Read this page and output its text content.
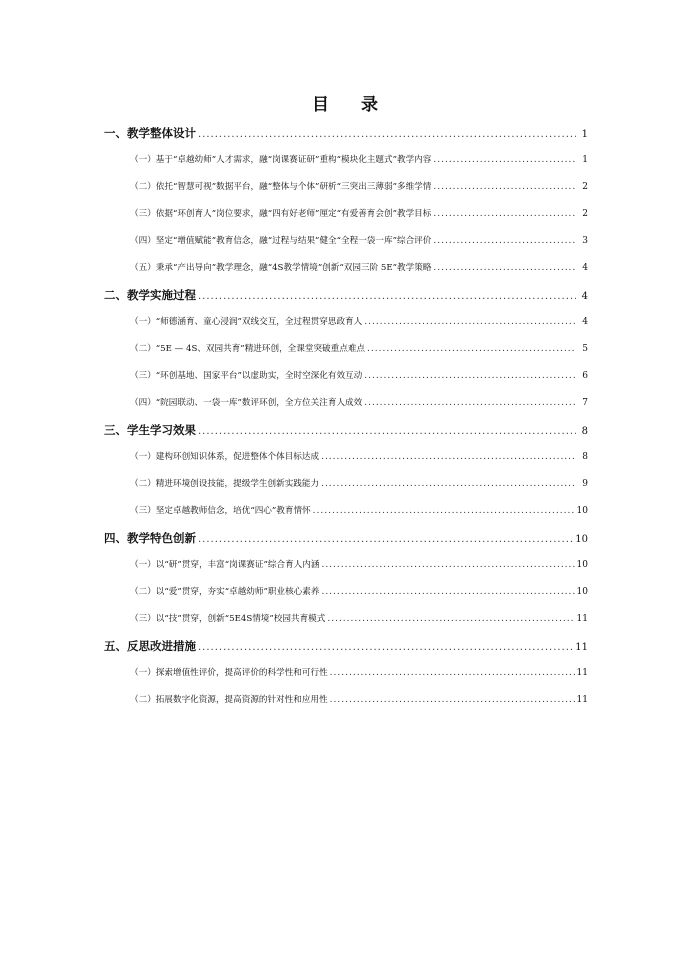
目 录
一、教学整体设计 .....	1
（一）基于“卓越幼师”人才需求，融“岗课赛证研”重构“模块化主题式”教学内容 .....	1
（二）依托“智慧可视”数据平台，融“整体与个体”研析“三突出三薄弱”多维学情 .....	2
（三）依据“环创育人”岗位要求，融“四有好老师”厘定“有爱善育会创”教学目标 .....	2
（四）坚定“增值赋能”教育信念，融“过程与结果”健全“全程一袋一库”综合评价 .....	3
（五）秉承“产出导向”教学理念，融“4S教学情境”创新“双园三阶 5E”教学策略 .....	4
二、教学实施过程 .....	4
（一）“师德涵育、童心浸润”双线交互，全过程贯穿思政育人 .....	4
（二）“5E — 4S、双园共育”精进环创，全课堂突破重点难点 .....	5
（三）“环创基地、国家平台”以虚助实，全时空深化有效互动 .....	6
（四）“院园联动、一袋一库”数评环创，全方位关注育人成效 .....	7
三、学生学习效果 .....	8
（一）建构环创知识体系，促进整体个体目标达成 .....	8
（二）精进环境创设技能，提级学生创新实践能力 .....	9
（三）坚定卓越教师信念，培优“四心”教育情怀 .....	10
四、教学特色创新 .....	10
（一）以“研”贯穿，丰富“岗课赛证”综合育人内涵 .....	10
（二）以“爱”贯穿，夯实“卓越幼师”职业核心素养 .....	10
（三）以“技”贯穿，创新“5E4S情境”校园共育模式 .....	11
五、反思改进措施 .....	11
（一）探索增值性评价，提高评价的科学性和可行性 .....	11
（二）拓展数字化资源，提高资源的针对性和应用性 .....	11
